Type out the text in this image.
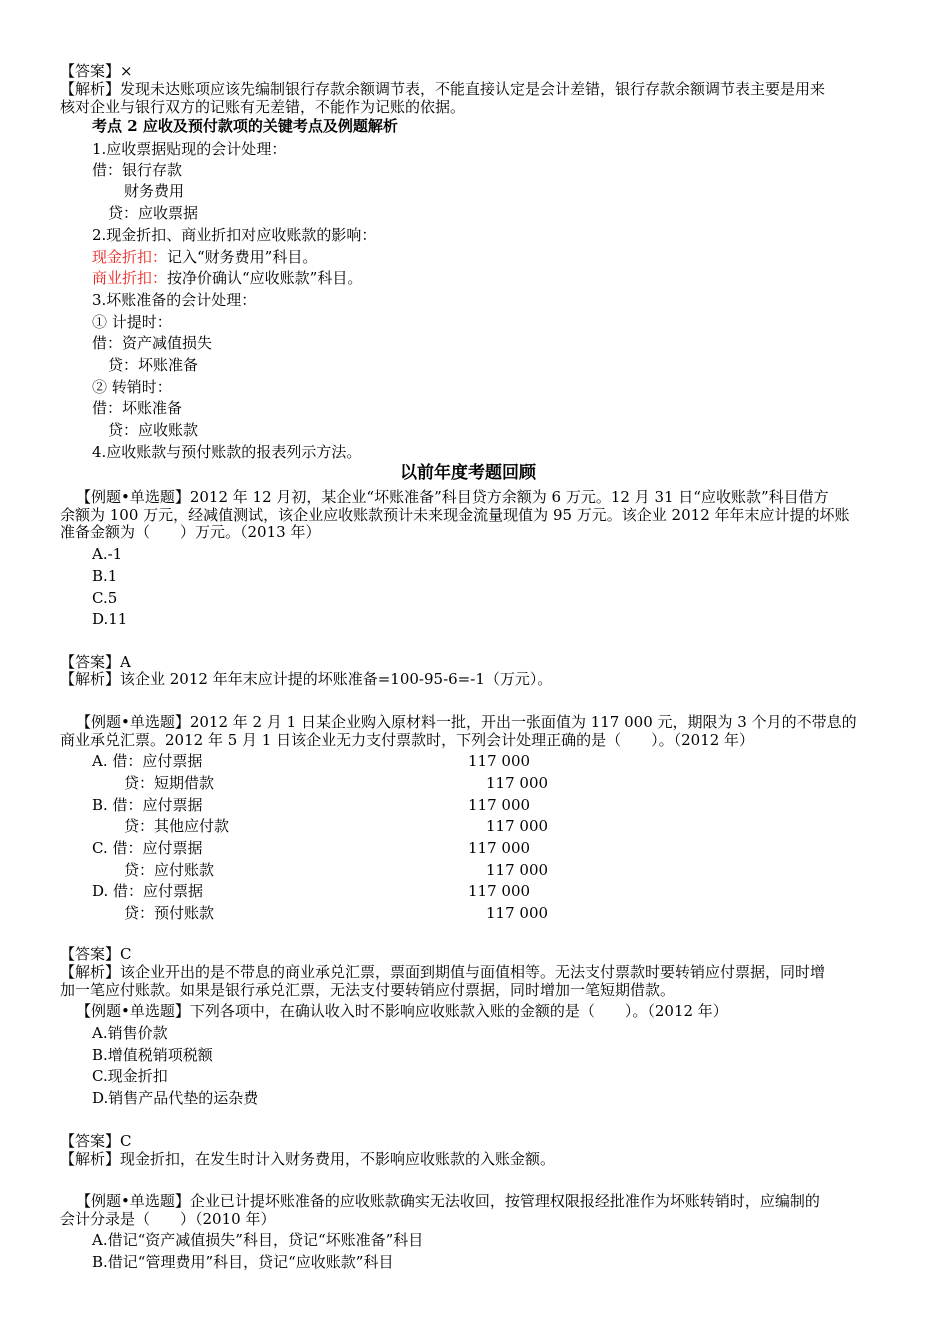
【答案】×
【解析】发现未达账项应该先编制银行存款余额调节表，不能直接认定是会计差错，银行存款余额调节表主要是用来
核对企业与银行双方的记账有无差错，不能作为记账的依据。
考点 2 应收及预付款项的关键考点及例题解析
1.应收票据贴现的会计处理：
借：银行存款
财务费用
贷：应收票据
2.现金折扣、商业折扣对应收账款的影响：
现金折扣：记入“财务费用”科目。
商业折扣：按净价确认“应收账款”科目。
3.坏账准备的会计处理：
① 计提时：
借：资产减值损失
贷：坏账准备
② 转销时：
借：坏账准备
贷：应收账款
4.应收账款与预付账款的报表列示方法。
以前年度考题回顾
【例题•单选题】2012 年 12 月初，某企业“坏账准备”科目贷方余额为 6 万元。12 月 31 日“应收账款”科目借方
余额为 100 万元，经减值测试，该企业应收账款预计未来现金流量现值为 95 万元。该企业 2012 年年末应计提的坏账
准备金额为（　　）万元。（2013 年）
A.-1
B.1
C.5
D.11
【答案】A
【解析】该企业 2012 年年末应计提的坏账准备=100-95-6=-1（万元）。
【例题•单选题】2012 年 2 月 1 日某企业购入原材料一批，开出一张面值为 117 000 元，期限为 3 个月的不带息的
商业承兑汇票。2012 年 5 月 1 日该企业无力支付票款时，下列会计处理正确的是（　　）。（2012 年）
A. 借：应付票据	117 000
贷：短期借款	117 000
B. 借：应付票据	117 000
贷：其他应付款	117 000
C. 借：应付票据	117 000
贷：应付账款	117 000
D. 借：应付票据	117 000
贷：预付账款	117 000
【答案】C
【解析】该企业开出的是不带息的商业承兑汇票，票面到期值与面值相等。无法支付票款时要转销应付票据，同时增
加一笔应付账款。如果是银行承兑汇票，无法支付要转销应付票据，同时增加一笔短期借款。
【例题•单选题】下列各项中，在确认收入时不影响应收账款入账的金额的是（　　）。（2012 年）
A.销售价款
B.增值税销项税额
C.现金折扣
D.销售产品代垫的运杂费
【答案】C
【解析】现金折扣，在发生时计入财务费用，不影响应收账款的入账金额。
【例题•单选题】企业已计提坏账准备的应收账款确实无法收回，按管理权限报经批准作为坏账转销时，应编制的
会计分录是（　　）（2010 年）
A.借记“资产减值损失”科目，贷记“坏账准备”科目
B.借记“管理费用”科目，贷记“应收账款”科目
